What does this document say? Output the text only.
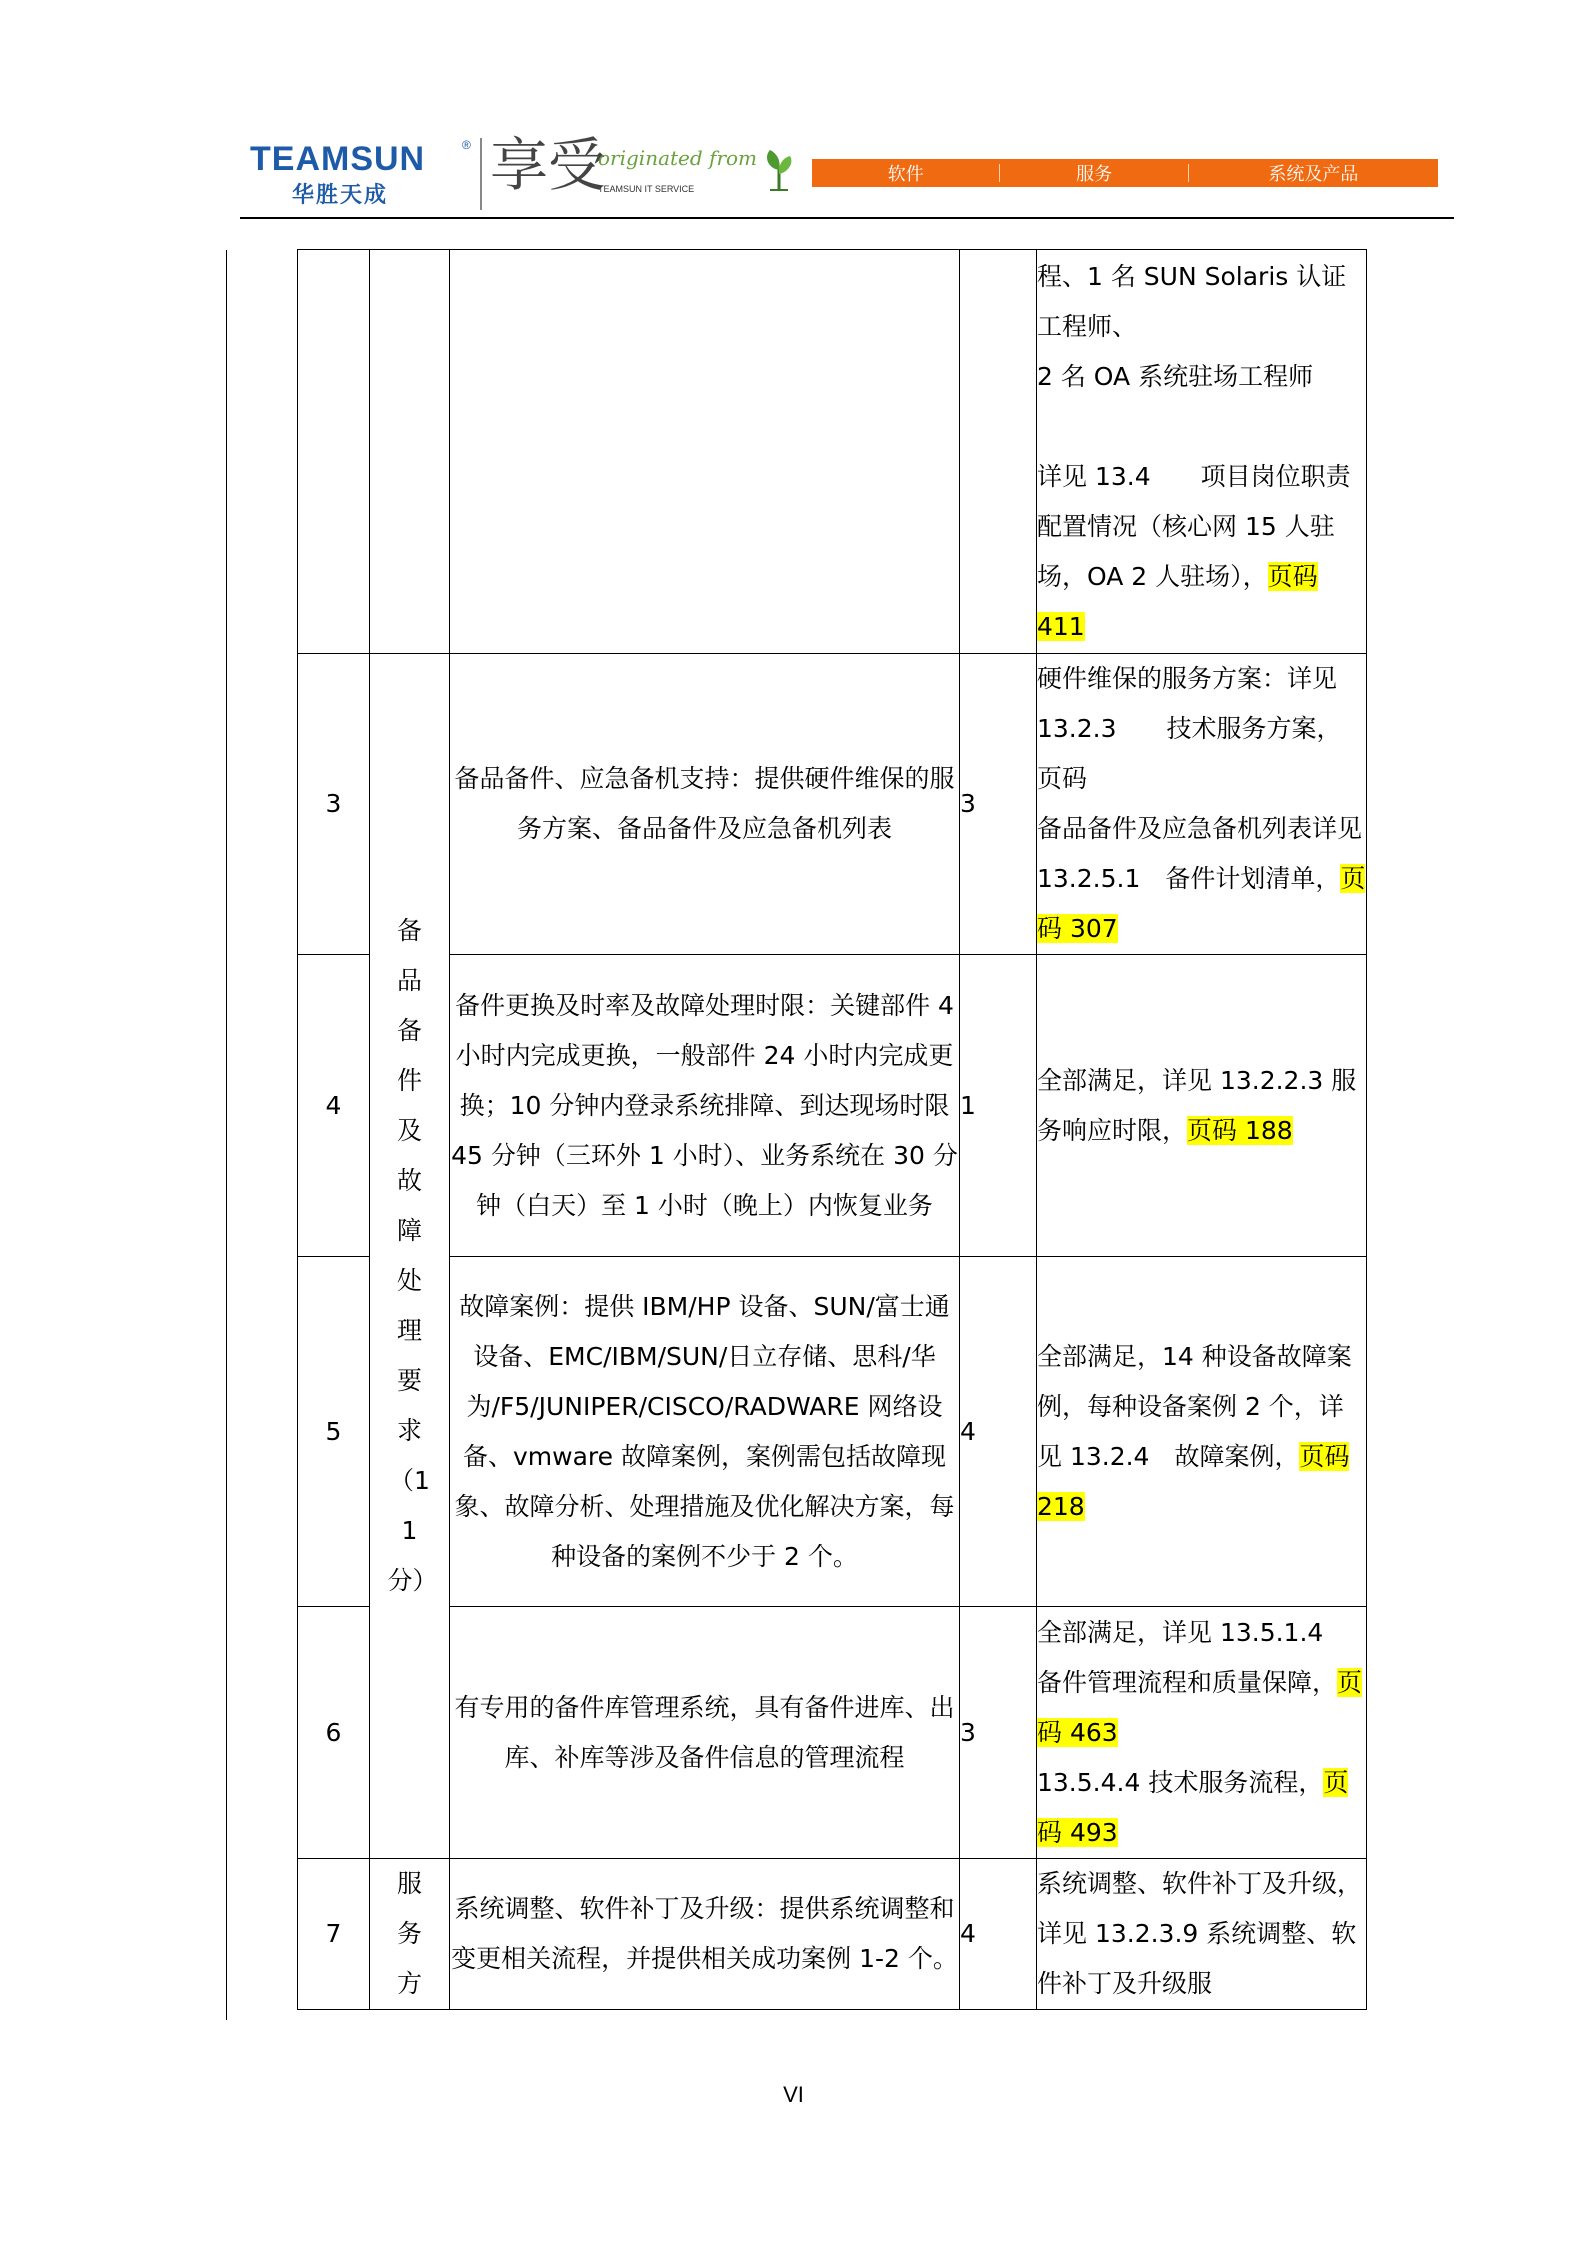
TEAMSUN	®
华胜天成 享受
originated from
TEAMSUN IT SERVICE
软件	服务	系统及产品
				程、1 名 SUN Solaris 认证工程师、
2 名 OA 系统驻场工程师

详见 13.4　　项目岗位职责配置情况（核心网 15 人驻场，OA 2 人驻场），页码 411
3	备品备件及故障处理要求（11分）	备品备件、应急备机支持：提供硬件维保的服务方案、备品备件及应急备机列表	3	硬件维保的服务方案：详见 13.2.3　　技术服务方案，页码
备品备件及应急备机列表详见 13.2.5.1　备件计划清单，页码 307
4		备件更换及时率及故障处理时限：关键部件 4 小时内完成更换，一般部件 24 小时内完成更换；10 分钟内登录系统排障、到达现场时限 45 分钟（三环外 1 小时）、业务系统在 30 分钟（白天）至 1 小时（晚上）内恢复业务	1	全部满足，详见 13.2.2.3 服务响应时限，页码 188
5		故障案例：提供 IBM/HP 设备、SUN/富士通设备、EMC/IBM/SUN/日立存储、思科/华为/F5/JUNIPER/CISCO/RADWARE 网络设备、vmware 故障案例，案例需包括故障现象、故障分析、处理措施及优化解决方案，每种设备的案例不少于 2 个。	4	全部满足，14 种设备故障案例，每种设备案例 2 个，详见 13.2.4　故障案例，页码 218
6		有专用的备件库管理系统，具有备件进库、出库、补库等涉及备件信息的管理流程	3	全部满足，详见 13.5.1.4　备件管理流程和质量保障，页码 463
13.5.4.4 技术服务流程，页码 493
7	服务方	系统调整、软件补丁及升级：提供系统调整和变更相关流程，并提供相关成功案例 1-2 个。	4	系统调整、软件补丁及升级，详见 13.2.3.9 系统调整、软件补丁及升级服
VI
